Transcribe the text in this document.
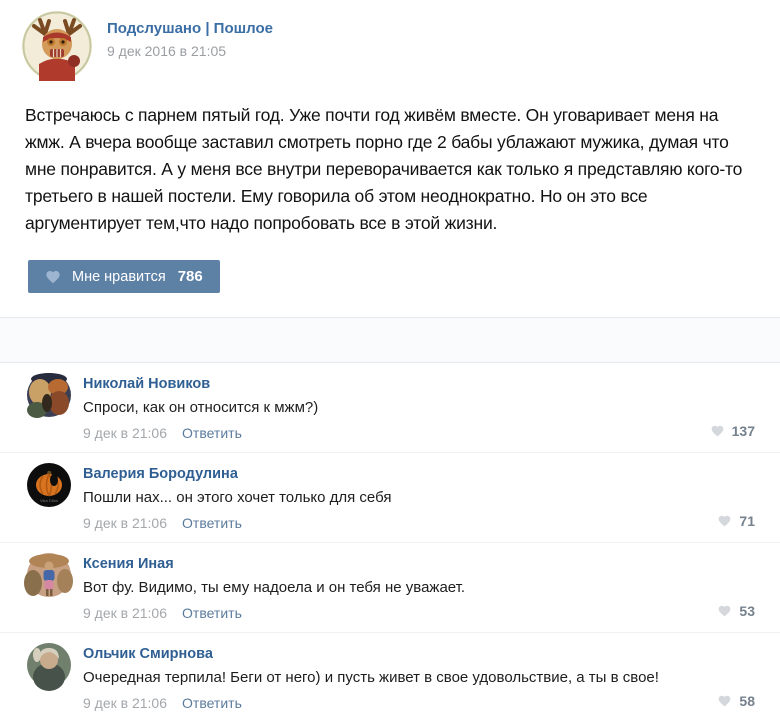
Подслушано | Пошлое
9 дек 2016 в 21:05
Встречаюсь с парнем пятый год. Уже почти год живём вместе. Он уговаривает меня на жмж. А вчера вообще заставил смотреть порно где 2 бабы ублажают мужика, думая что мне понравится. А у меня все внутри переворачивается как только я представляю кого-то третьего в нашей постели. Ему говорила об этом неоднократно. Но он это все аргументирует тем,что надо попробовать все в этой жизни.
Мне нравится 786
Николай Новиков
Спроси, как он относится к мжм?)
9 дек в 21:06 Ответить	137
Vika Dilan
Валерия Бородулина
Пошли нах... он этого хочет только для себя
9 дек в 21:06 Ответить	71
Ксения Иная
Вот фу. Видимо, ты ему надоела и он тебя не уважает.
9 дек в 21:06 Ответить	53
Ольчик Смирнова
Очередная терпила! Беги от него) и пусть живет в свое удовольствие, а ты в свое!
9 дек в 21:06 Ответить	58
